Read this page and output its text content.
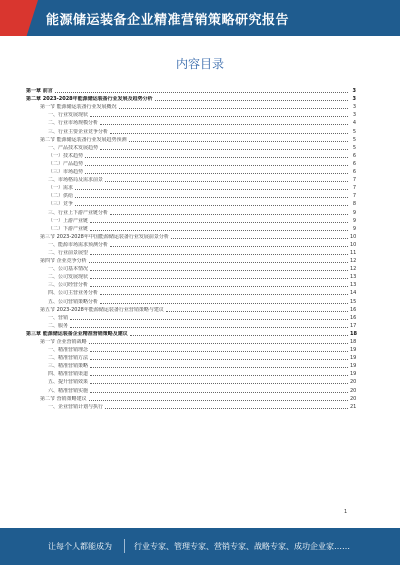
能源储运装备企业精准营销策略研究报告
内容目录
第一章 前言	3
第二章 2023-2028年能源储运装备行业发展及趋势分析	3
第一节 能源储运装备行业发展概况	3
一、行业发展现状	3
二、行业市场规模分析	4
三、行业主要企业竞争分析	5
第二节 能源储运装备行业发展趋势预测	5
一、产品技术发展趋势	5
（一）技术趋势	6
（二）产品趋势	6
（三）市场趋势	6
二、市场格局及需求前景	7
（一）需求	7
（二）供给	7
（三）竞争	8
三、行业上下游产业链分析	9
（一）上游产业链	9
（二）下游产业链	9
第三节 2023-2028年中国能源储运装备行业发展前景分析	10
一、能源市场需求预测分析	10
二、行业前景展望	11
第四节 企业竞争分析	12
一、公司基本情况	12
二、公司发展现状	13
三、公司经营分析	13
四、公司主营业务分析	14
五、公司营销策略分析	15
第五节 2023-2028年能源储运装备行业营销策略与建议	16
一、营销	16
二、服务	17
第三章 能源储运装备企业精准营销策略及建议	18
第一节 企业营销战略	18
一、精准营销理念	19
二、精准营销方法	19
三、精准营销策略	19
四、精准营销渠道	19
五、提升营销效果	20
六、精准营销实施	20
第二节 营销策略建议	20
一、企业营销计划与执行	21
1
让每个人都能成为	行业专家、管理专家、营销专家、战略专家、成功企业家……
